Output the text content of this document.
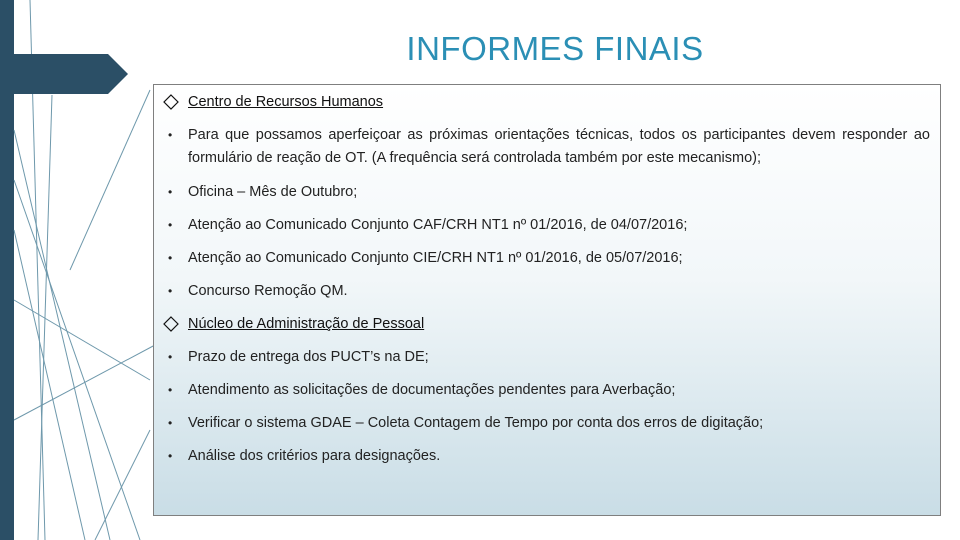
INFORMES FINAIS
Centro de Recursos Humanos
•	Para que possamos aperfeiçoar as próximas orientações técnicas, todos os participantes devem responder ao formulário de reação de OT. (A frequência será controlada também por este mecanismo);
•	Oficina – Mês de Outubro;
•	Atenção ao Comunicado Conjunto CAF/CRH NT1 nº 01/2016, de 04/07/2016;
•	Atenção ao Comunicado Conjunto CIE/CRH NT1 nº 01/2016, de 05/07/2016;
•	Concurso Remoção QM.
Núcleo de Administração de Pessoal
•	Prazo de entrega dos PUCT’s na DE;
•	Atendimento as solicitações de documentações pendentes para Averbação;
•	Verificar o sistema GDAE – Coleta Contagem de Tempo por conta dos erros de digitação;
•	Análise dos critérios para designações.
